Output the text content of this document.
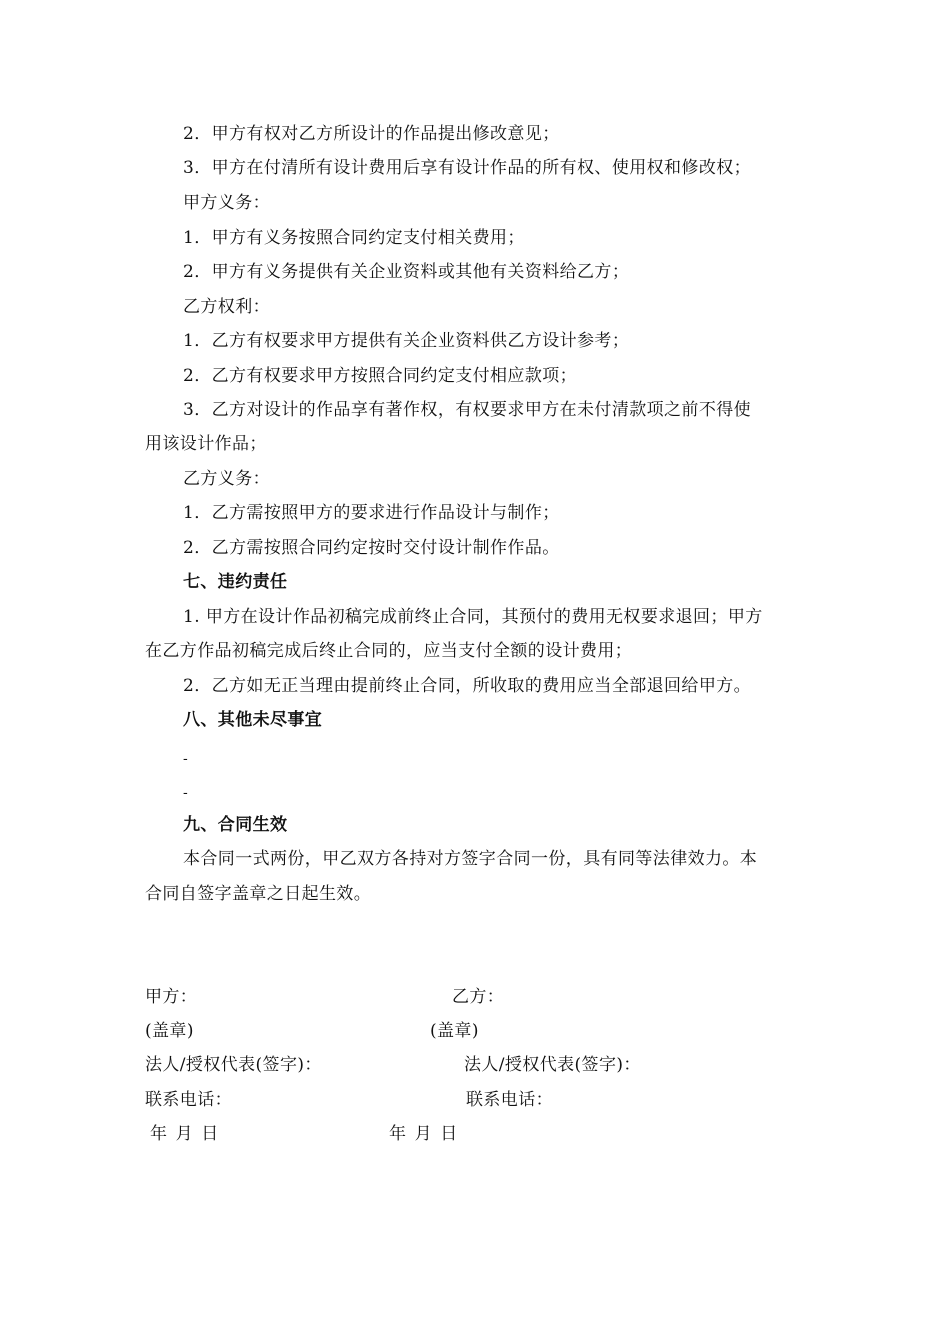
2．甲方有权对乙方所设计的作品提出修改意见；
3．甲方在付清所有设计费用后享有设计作品的所有权、使用权和修改权；
甲方义务：
1．甲方有义务按照合同约定支付相关费用；
2．甲方有义务提供有关企业资料或其他有关资料给乙方；
乙方权利：
1．乙方有权要求甲方提供有关企业资料供乙方设计参考；
2．乙方有权要求甲方按照合同约定支付相应款项；
3．乙方对设计的作品享有著作权，有权要求甲方在未付清款项之前不得使
用该设计作品；
乙方义务：
1．乙方需按照甲方的要求进行作品设计与制作；
2．乙方需按照合同约定按时交付设计制作作品。
七、违约责任
1. 甲方在设计作品初稿完成前终止合同，其预付的费用无权要求退回；甲方
在乙方作品初稿完成后终止合同的，应当支付全额的设计费用；
2．乙方如无正当理由提前终止合同，所收取的费用应当全部退回给甲方。
八、其他未尽事宜
-
-
九、合同生效
本合同一式两份，甲乙双方各持对方签字合同一份，具有同等法律效力。本
合同自签字盖章之日起生效。
甲方：
(盖章)
法人/授权代表(签字)：
联系电话：
年 月 日
乙方：
(盖章)
法人/授权代表(签字)：
联系电话：
年 月 日
